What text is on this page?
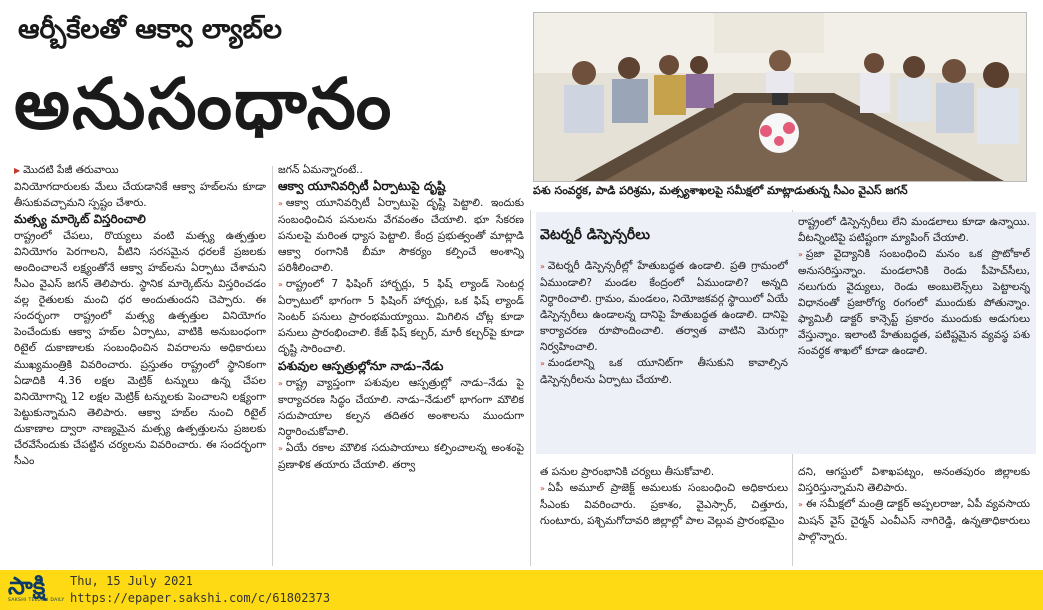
ఆర్బీకేలతో ఆక్వా ల్యాబ్‌ల
అనుసంధానం
పశు సంవర్ధక, పాడి పరిశ్రమ, మత్స్యశాఖలపై సమీక్షలో మాట్లాడుతున్న సీఎం వైఎస్‌ జగన్‌

▶ మొదటి పేజీ తరువాయి

వినియోగదారులకు మేలు చేయడానికే ఆక్వా హబ్‌లను కూడా తీసుకువచ్చామని స్పష్టం చేశారు.

మత్స్య మార్కెట్‌ విస్తరించాలి

రాష్ట్రంలో చేపలు, రొయ్యలు వంటి మత్స్య ఉత్పత్తుల వినియోగం పెరగాలని, వీటిని సరసమైన ధరలకే ప్రజలకు అందించాలనే లక్ష్యంతోనే ఆక్వా హబ్‌లను ఏర్పాటు చేశామని సీఎం వైఎస్‌ జగన్‌ తెలిపారు. స్థానిక మార్కెట్‌ను విస్తరించడం వల్ల రైతులకు మంచి ధర అందుతుందని చెప్పారు. ఈ సందర్భంగా రాష్ట్రంలో మత్స్య ఉత్పత్తుల వినియోగం పెంచేందుకు ఆక్వా హబ్‌ల ఏర్పాటు, వాటికి అనుబంధంగా రిటైల్‌ దుకాణాలకు సంబంధించిన వివరాలను అధికారులు ముఖ్యమంత్రికి వివరించారు. ప్రస్తుతం రాష్ట్రంలో స్థానికంగా ఏడాదికి 4.36 లక్షల మెట్రిక్‌ టన్నులు ఉన్న చేపల వినియోగాన్ని 12 లక్షల మెట్రిక్‌ టన్నులకు పెంచాలని లక్ష్యంగా పెట్టుకున్నామని తెలిపారు. ఆక్వా హబ్‌ల నుంచి రిటైల్‌ దుకాణాల ద్వారా నాణ్యమైన మత్స్య ఉత్పత్తులను ప్రజలకు చేరవేసేందుకు చేపట్టిన చర్యలను వివరించారు. ఈ సందర్భంగా సీఎం

జగన్‌ ఏమన్నారంటే..

ఆక్వా యూనివర్సిటీ ఏర్పాటుపై దృష్టి

» ఆక్వా యూనివర్సిటీ ఏర్పాటుపై దృష్టి పెట్టాలి. ఇందుకు సంబంధించిన పనులను వేగవంతం చేయాలి. భూ సేకరణ పనులపై మరింత ధ్యాస పెట్టాలి. కేంద్ర ప్రభుత్వంతో మాట్లాడి ఆక్వా రంగానికి బీమా సౌకర్యం కల్పించే అంశాన్ని పరిశీలించాలి.

» రాష్ట్రంలో 7 ఫిషింగ్‌ హార్బర్లు, 5 ఫిష్‌ ల్యాండ్‌ సెంటర్ల ఏర్పాటులో భాగంగా 5 ఫిషింగ్‌ హార్బర్లు, ఒక ఫిష్‌ ల్యాండ్‌ సెంటర్‌ పనులు ప్రారంభమయ్యాయి. మిగిలిన చోట్ల కూడా పనులు ప్రారంభించాలి. కేజ్‌ ఫిష్‌ కల్చర్‌, మారీ కల్చర్‌పై కూడా దృష్టి సారించాలి.

పశువుల ఆస్పత్రుల్లోనూ నాడు–నేడు

» రాష్ట్ర వ్యాప్తంగా పశువుల ఆస్పత్రుల్లో నాడు–నేడు పై కార్యాచరణ సిద్ధం చేయాలి. నాడు–నేడులో భాగంగా మౌలిక సదుపాయాల కల్పన తదితర అంశాలను ముందుగా నిర్ధారించుకోవాలి.

» ఏయే రకాల మౌలిక సదుపాయాలు కల్పించాలన్న అంశంపై ప్రణాళిక తయారు చేయాలి. తర్వా

వెటర్నరీ డిస్పెన్సరీలు

» వెటర్నరీ డిస్పెన్సరీల్లో హేతుబద్ధత ఉండాలి. ప్రతి గ్రామంలో ఏముండాలి? మండల కేంద్రంలో ఏముండాలి? అన్నది నిర్ధారించాలి. గ్రామం, మండలం, నియోజకవర్గ స్థాయిలో ఏయే డిస్పెన్సరీలు ఉండాలన్న దానిపై హేతుబద్ధత ఉండాలి. దానిపై కార్యాచరణ రూపొందించాలి. తర్వాత వాటిని మెరుగ్గా నిర్వహించాలి.

» మండలాన్ని ఒక యూనిట్‌గా తీసుకుని కావాల్సిన డిస్పెన్సరీలను ఏర్పాటు చేయాలి.

రాష్ట్రంలో డిస్పెన్సరీలు లేని మండలాలు కూడా ఉన్నాయి. వీటన్నింటిపై పటిష్టంగా మ్యాపింగ్‌ చేయాలి.

» ప్రజా వైద్యానికి సంబంధించి మనం ఒక ప్రొటోకాల్‌ అనుసరిస్తున్నాం. మండలానికి రెండు పీహెచ్‌సీలు, నలుగురు వైద్యులు, రెండు అంబులెన్స్‌లు పెట్టాలన్న విధానంతో ప్రజారోగ్య రంగంలో ముందుకు పోతున్నాం. ఫ్యామిలీ డాక్టర్‌ కాన్సెప్ట్‌ ప్రకారం ముందుకు అడుగులు వేస్తున్నాం. ఇలాంటి హేతుబద్ధత, పటిష్టమైన వ్యవస్థ పశు సంవర్ధక శాఖలో కూడా ఉండాలి.

త పనుల ప్రారంభానికి చర్యలు తీసుకోవాలి.

» ఏపీ అమూల్‌ ప్రాజెక్ట్‌ అమలుకు సంబంధించి అధికారులు సీఎంకు వివరించారు. ప్రకాశం, వైఎస్సార్‌, చిత్తూరు, గుంటూరు, పశ్చిమగోదావరి జిల్లాల్లో పాల వెల్లువ ప్రారంభమైం

దని, ఆగస్టులో విశాఖపట్నం, అనంతపురం జిల్లాలకు విస్తరిస్తున్నామని తెలిపారు.

» ఈ సమీక్షలో మంత్రి డాక్టర్‌ అప్పలరాజు, ఏపీ వ్యవసాయ మిషన్‌ వైస్‌ చైర్మన్‌ ఎంవీఎస్‌ నాగిరెడ్డి, ఉన్నతాధికారులు పాల్గొన్నారు.

సాక్షి
SAKSHI TELUGU DAILY
Thu, 15 July 2021
https://epaper.sakshi.com/c/61802373
